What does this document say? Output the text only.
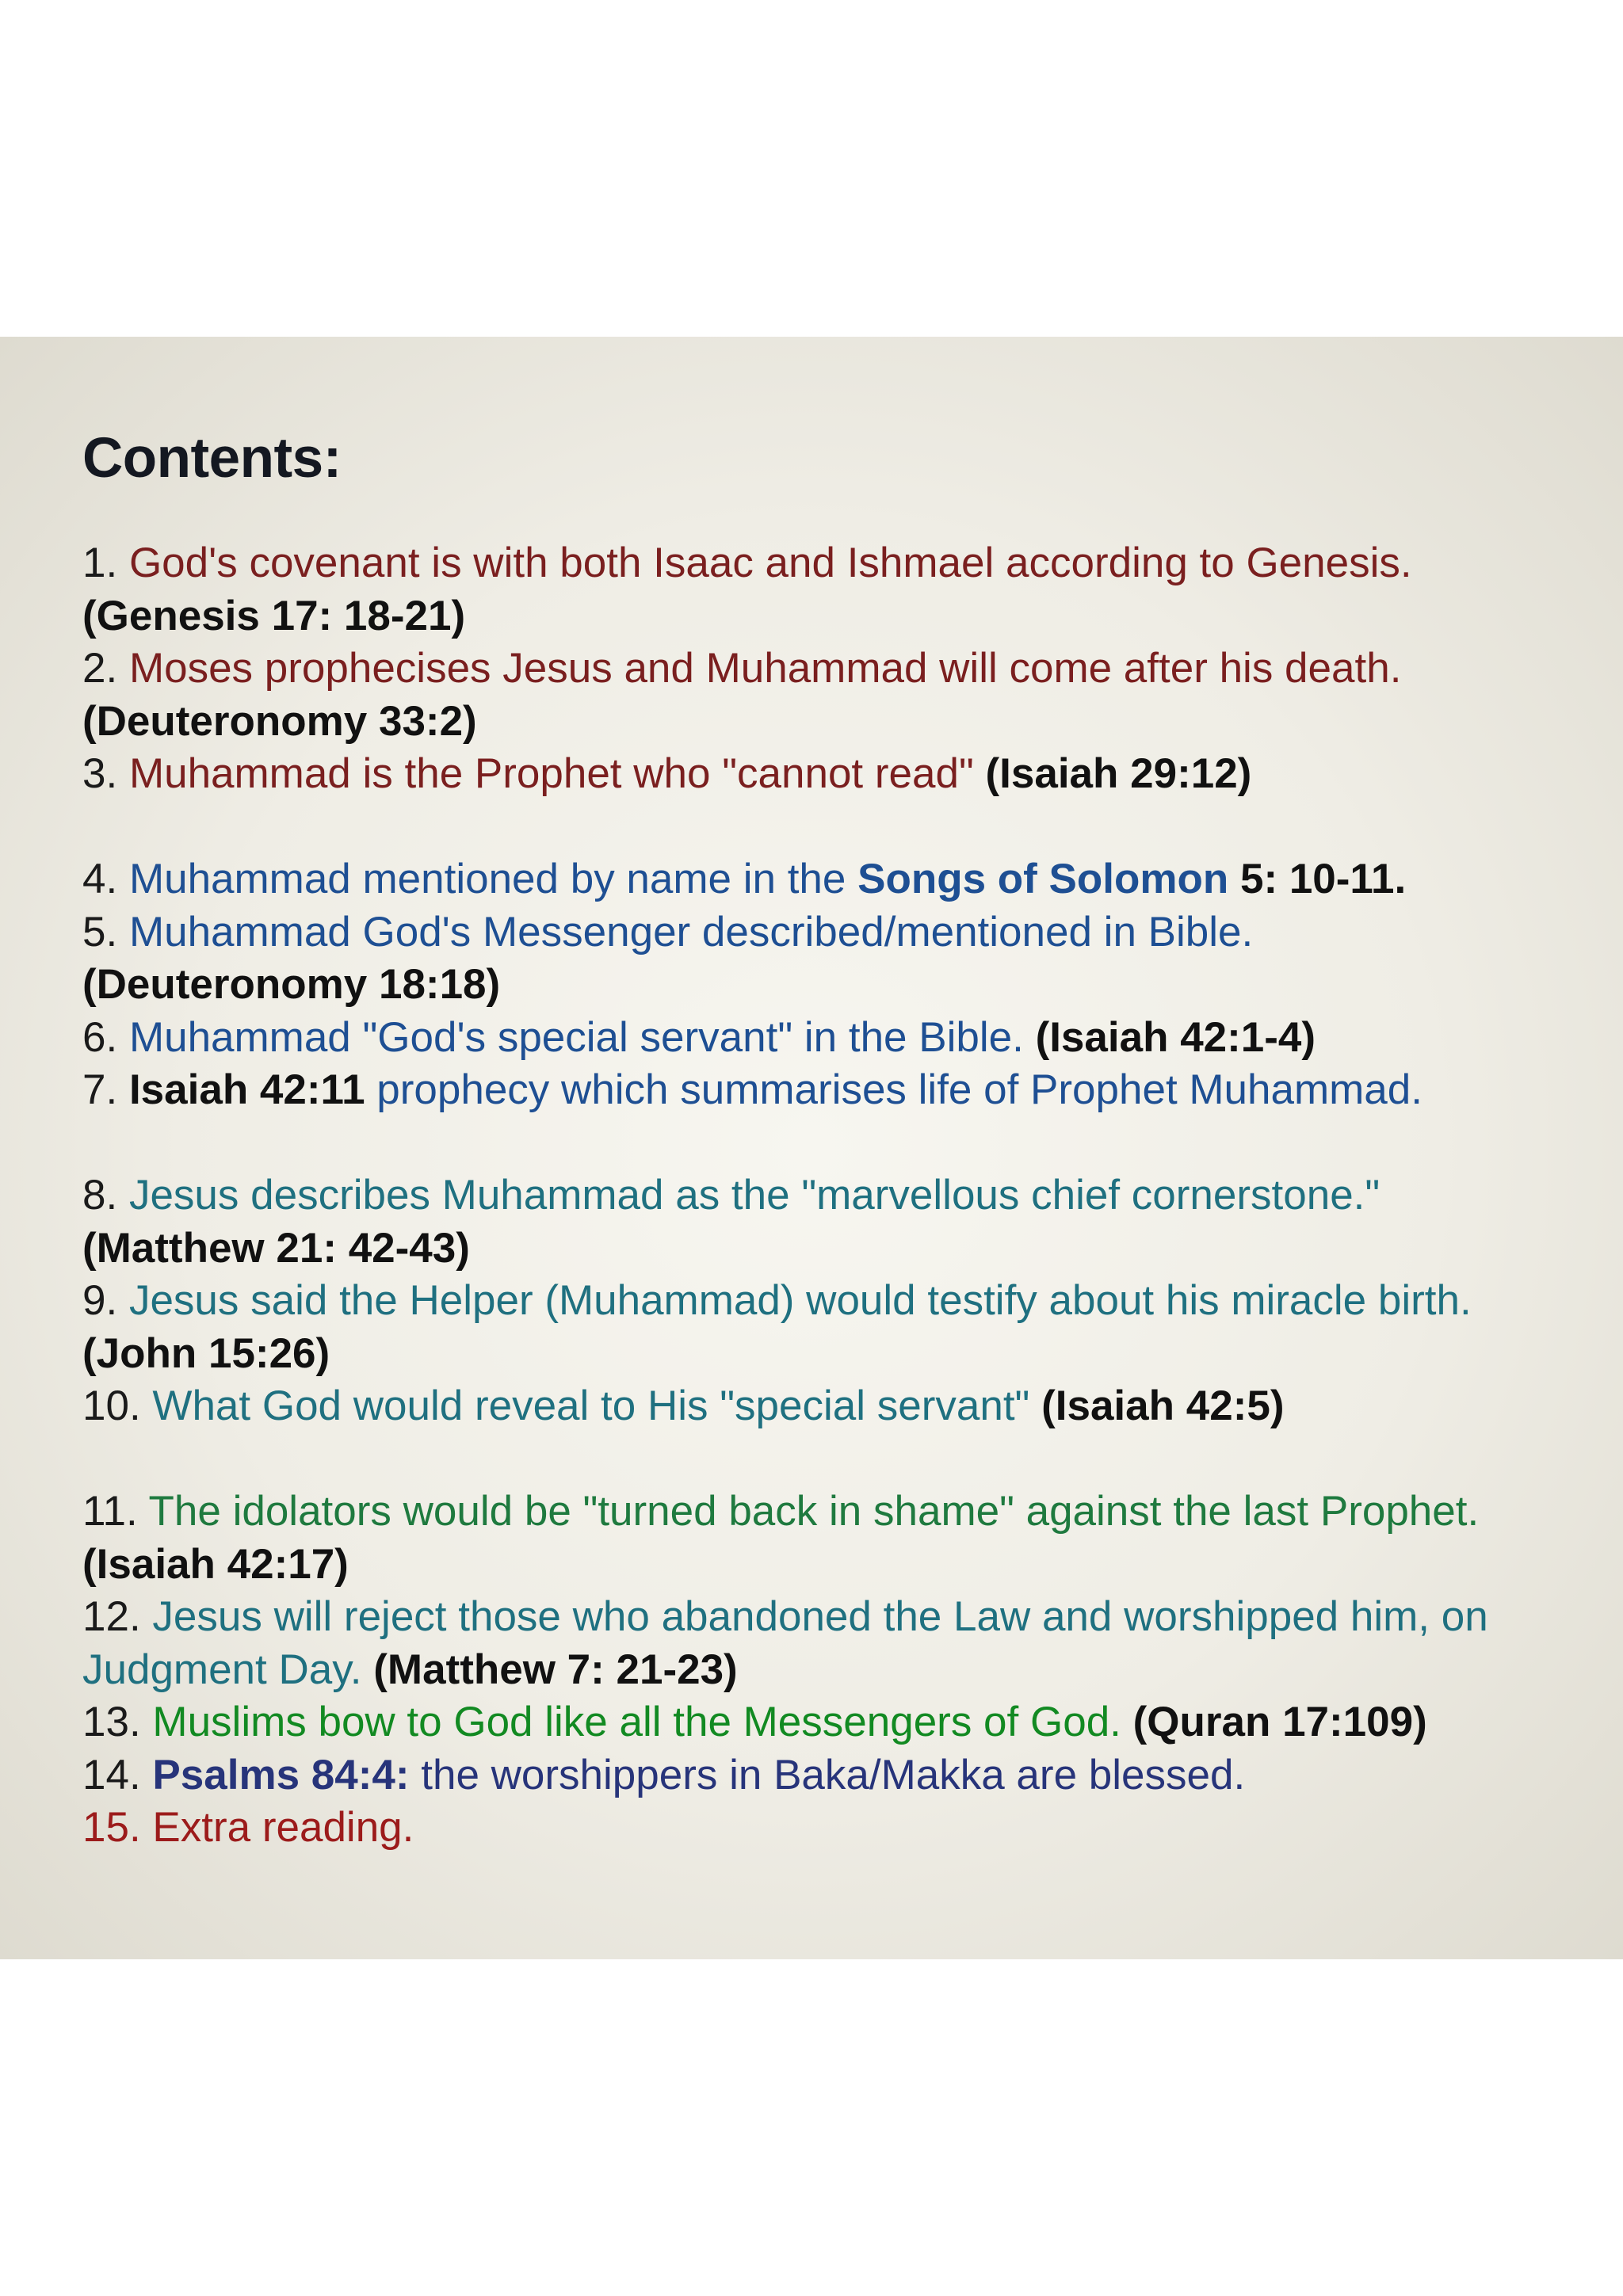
Contents:
1. God's covenant is with both Isaac and Ishmael according to Genesis.
(Genesis 17: 18-21)
2. Moses prophecises Jesus and Muhammad will come after his death.
(Deuteronomy 33:2)
3. Muhammad is the Prophet who "cannot read" (Isaiah 29:12)
4. Muhammad mentioned by name in the Songs of Solomon 5: 10-11.
5. Muhammad God's Messenger described/mentioned in Bible.
(Deuteronomy 18:18)
6. Muhammad "God's special servant" in the Bible. (Isaiah 42:1-4)
7. Isaiah 42:11 prophecy which summarises life of Prophet Muhammad.
8. Jesus describes Muhammad as the "marvellous chief cornerstone."
(Matthew 21: 42-43)
9. Jesus said the Helper (Muhammad) would testify about his miracle birth. (John 15:26)
10. What God would reveal to His "special servant" (Isaiah 42:5)
11. The idolators would be "turned back in shame" against the last Prophet. (Isaiah 42:17)
12. Jesus will reject those who abandoned the Law and worshipped him, on Judgment Day. (Matthew 7: 21-23)
13. Muslims bow to God like all the Messengers of God. (Quran 17:109)
14. Psalms 84:4: the worshippers in Baka/Makka are blessed.
15. Extra reading.
